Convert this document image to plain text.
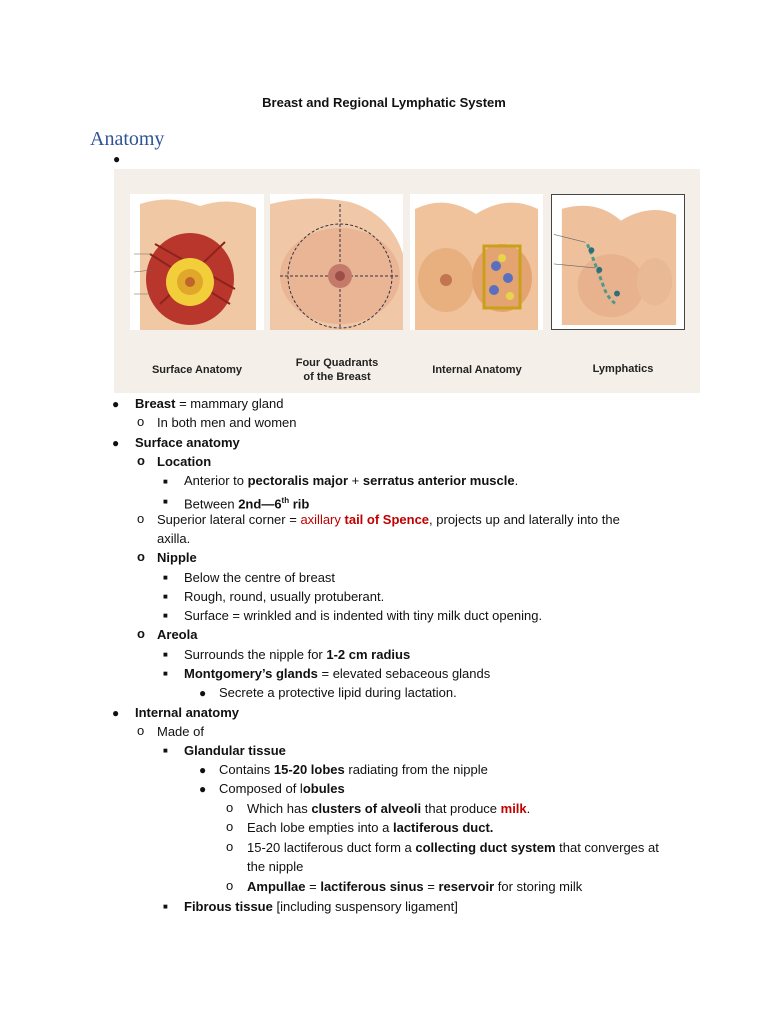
Breast and Regional Lymphatic System
Anatomy
●
Surface Anatomy
Four Quadrants
of the Breast
Internal Anatomy	Lymphatics
● Breast = mammary gland
o In both men and women
● Surface anatomy
o Location
■ Anterior to pectoralis major + serratus anterior muscle.
■ Between 2nd—6th rib
o Superior lateral corner = axillary tail of Spence, projects up and laterally into the
axilla.
o Nipple
■ Below the centre of breast
■ Rough, round, usually protuberant.
■ Surface = wrinkled and is indented with tiny milk duct opening.
o Areola
■ Surrounds the nipple for 1-2 cm radius
■ Montgomery’s glands = elevated sebaceous glands
● Secrete a protective lipid during lactation.
● Internal anatomy
o Made of
■ Glandular tissue
● Contains 15-20 lobes radiating from the nipple
● Composed of lobules
o Which has clusters of alveoli that produce milk.
o Each lobe empties into a lactiferous duct.
o 15-20 lactiferous duct form a collecting duct system that converges at
the nipple
o Ampullae = lactiferous sinus = reservoir for storing milk
■ Fibrous tissue [including suspensory ligament]
